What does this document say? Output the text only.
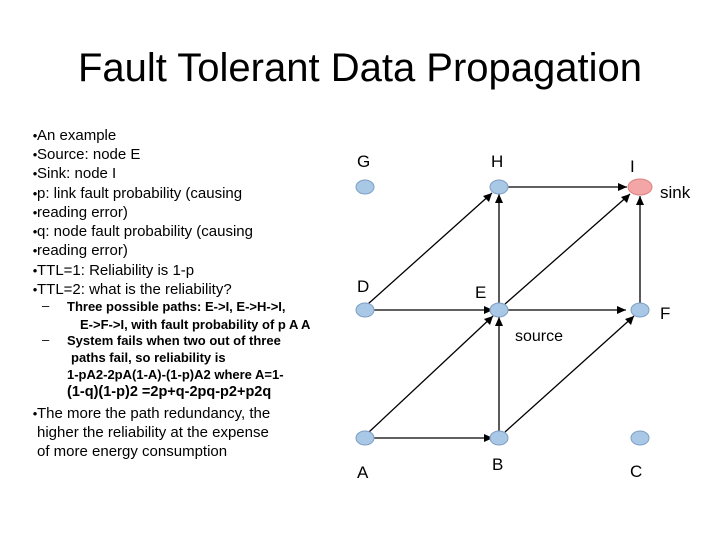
Fault Tolerant Data Propagation
•
•
•
•
•
•
•
•
•
An example
Source: node E
Sink: node I
p: link fault probability (causing
reading error)
q: node fault probability (causing
reading error)
TTL=1: Reliability is 1-p
TTL=2: what is the reliability?
– Three possible paths: E->I, E->H->I,
E->F->I, with fault probability of p A A
– System fails when two out of three
paths fail, so reliability is
1-pA2-2pA(1-A)-(1-p)A2 where A=1-
(1-q)(1-p)2 =2p+q-2pq-p2+p2q
• The more the path redundancy, the
higher the reliability at the expense
of more energy consumption
G	H	I
sink
D	E
F
source
A	B	C
